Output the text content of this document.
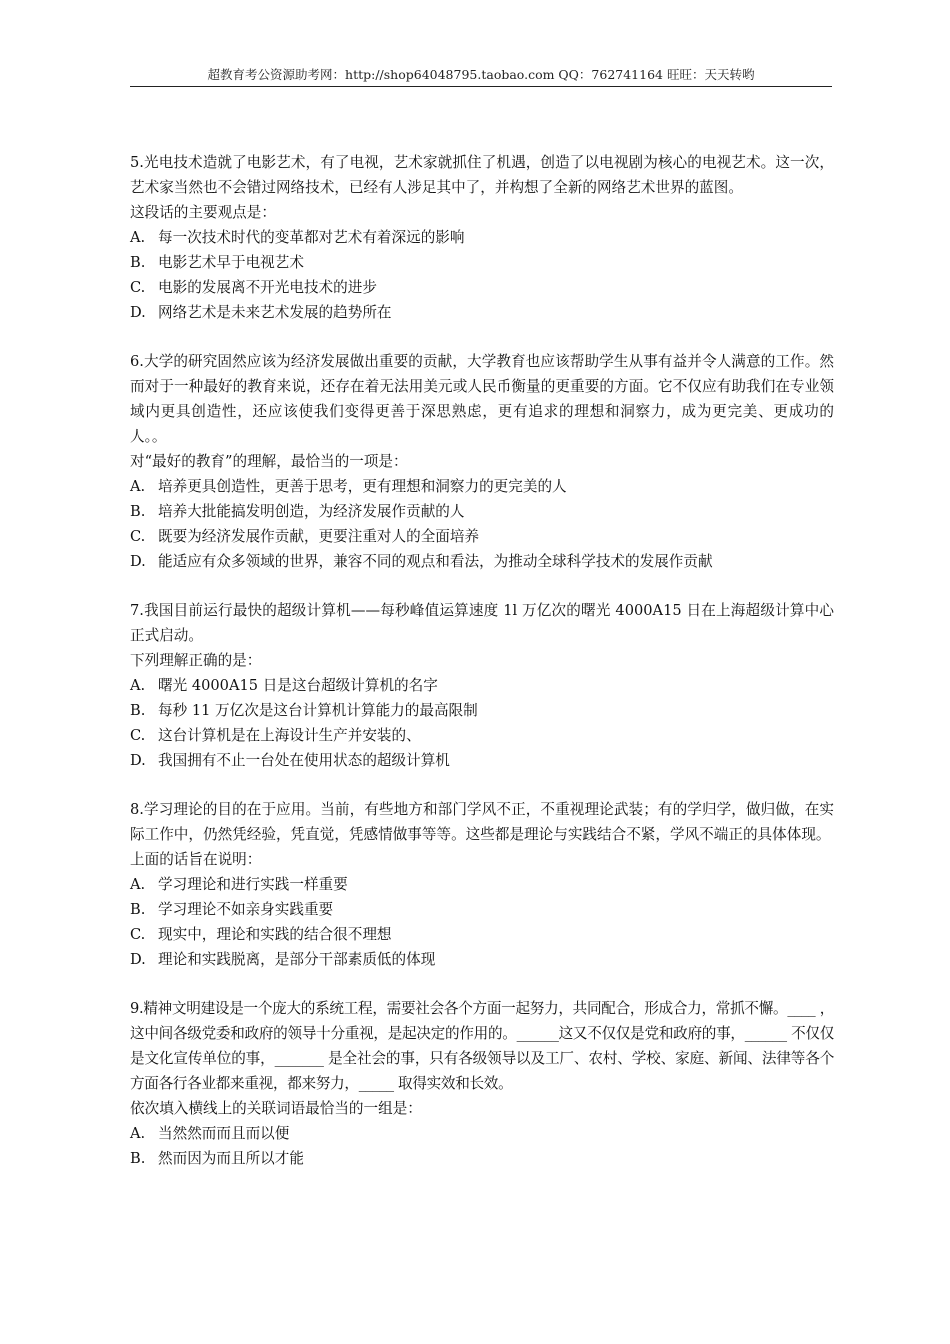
超教育考公资源助考网：http://shop64048795.taobao.com QQ：762741164 旺旺：天天转哟

5.光电技术造就了电影艺术，有了电视，艺术家就抓住了机遇，创造了以电视剧为核心的电视艺术。这一次，艺术家当然也不会错过网络技术，已经有人涉足其中了，并构想了全新的网络艺术世界的蓝图。

这段话的主要观点是：

A. 每一次技术时代的变革都对艺术有着深远的影响

B. 电影艺术早于电视艺术

C. 电影的发展离不开光电技术的进步

D. 网络艺术是未来艺术发展的趋势所在

6.大学的研究固然应该为经济发展做出重要的贡献，大学教育也应该帮助学生从事有益并令人满意的工作。然而对于一种最好的教育来说，还存在着无法用美元或人民币衡量的更重要的方面。它不仅应有助我们在专业领域内更具创造性，还应该使我们变得更善于深思熟虑，更有追求的理想和洞察力，成为更完美、更成功的人。。

对“最好的教育”的理解，最恰当的一项是：

A. 培养更具创造性，更善于思考，更有理想和洞察力的更完美的人

B. 培养大批能搞发明创造，为经济发展作贡献的人

C. 既要为经济发展作贡献，更要注重对人的全面培养

D. 能适应有众多领域的世界，兼容不同的观点和看法，为推动全球科学技术的发展作贡献

7.我国目前运行最快的超级计算机——每秒峰值运算速度 1l 万亿次的曙光 4000A15 日在上海超级计算中心正式启动。

下列理解正确的是：

A. 曙光 4000A15 日是这台超级计算机的名字

B. 每秒 11 万亿次是这台计算机计算能力的最高限制

C. 这台计算机是在上海设计生产并安装的、

D. 我国拥有不止一台处在使用状态的超级计算机

8.学习理论的目的在于应用。当前，有些地方和部门学风不正，不重视理论武装；有的学归学，做归做，在实际工作中，仍然凭经验，凭直觉，凭感情做事等等。这些都是理论与实践结合不紧，学风不端正的具体体现。

上面的话旨在说明：

A. 学习理论和进行实践一样重要

B. 学习理论不如亲身实践重要

C. 现实中，理论和实践的结合很不理想

D. 理论和实践脱离，是部分干部素质低的体现

9.精神文明建设是一个庞大的系统工程，需要社会各个方面一起努力，共同配合，形成合力，常抓不懈。____ ，这中间各级党委和政府的领导十分重视，是起决定的作用的。______这又不仅仅是党和政府的事，______ 不仅仅是文化宣传单位的事，_______ 是全社会的事，只有各级领导以及工厂、农村、学校、家庭、新闻、法律等各个方面各行各业都来重视，都来努力，_____ 取得实效和长效。

依次填入横线上的关联词语最恰当的一组是：

A. 当然然而而且而以便

B. 然而因为而且所以才能
